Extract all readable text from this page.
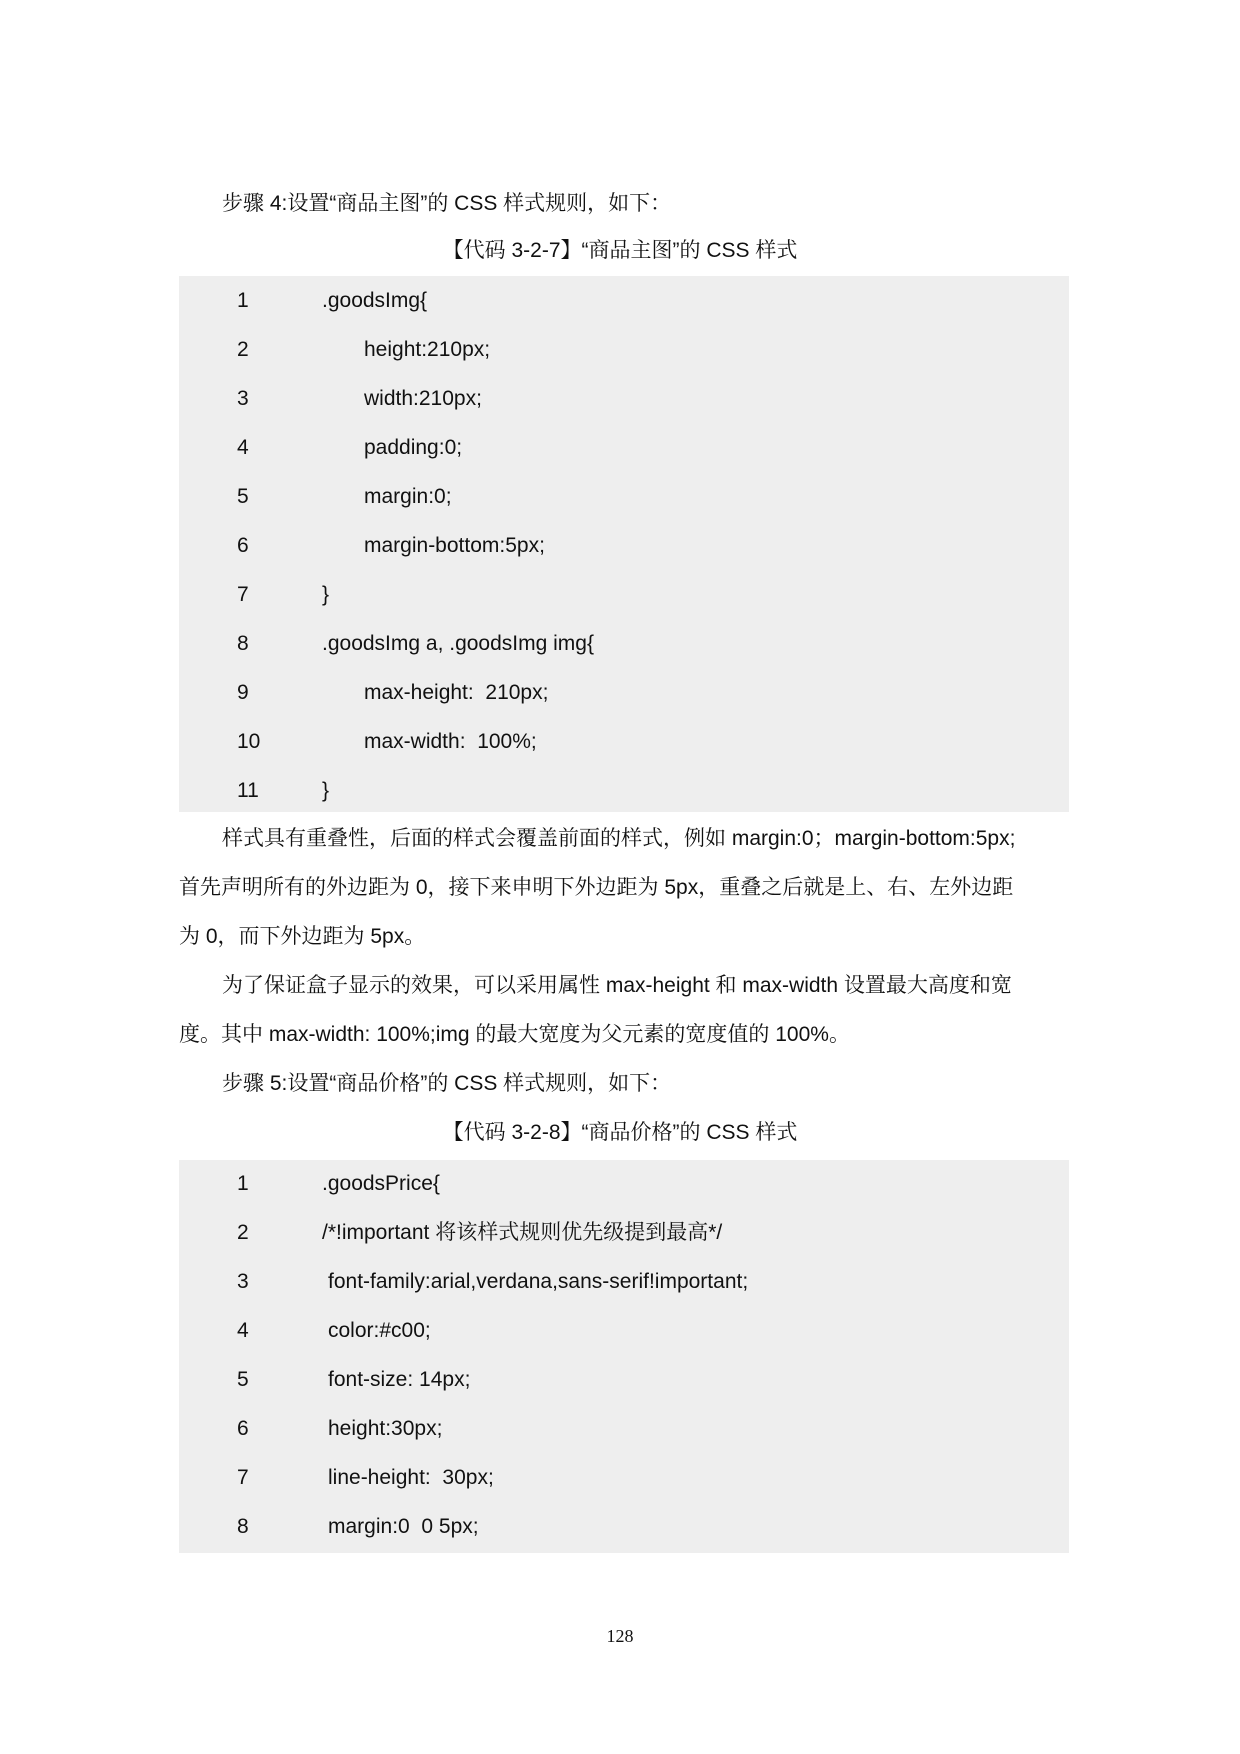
步骤 4:设置“商品主图”的 CSS 样式规则，如下：
【代码 3-2-7】“商品主图”的 CSS 样式
1	.goodsImg{
2	height:210px;
3	width:210px;
4	padding:0;
5	margin:0;
6	margin-bottom:5px;
7	}
8	.goodsImg a, .goodsImg img{
9	max-height:  210px;
10	max-width:  100%;
11	}
样式具有重叠性，后面的样式会覆盖前面的样式，例如 margin:0；margin-bottom:5px;
首先声明所有的外边距为 0，接下来申明下外边距为 5px，重叠之后就是上、右、左外边距
为 0，而下外边距为 5px。
为了保证盒子显示的效果，可以采用属性 max-height 和 max-width 设置最大高度和宽
度。其中 max-width: 100%;img 的最大宽度为父元素的宽度值的 100%。
步骤 5:设置“商品价格”的 CSS 样式规则，如下：
【代码 3-2-8】“商品价格”的 CSS 样式
1	.goodsPrice{
2	/*!important 将该样式规则优先级提到最高*/
3	font-family:arial,verdana,sans-serif!important;
4	color:#c00;
5	font-size: 14px;
6	height:30px;
7	line-height:  30px;
8	margin:0  0 5px;
128
